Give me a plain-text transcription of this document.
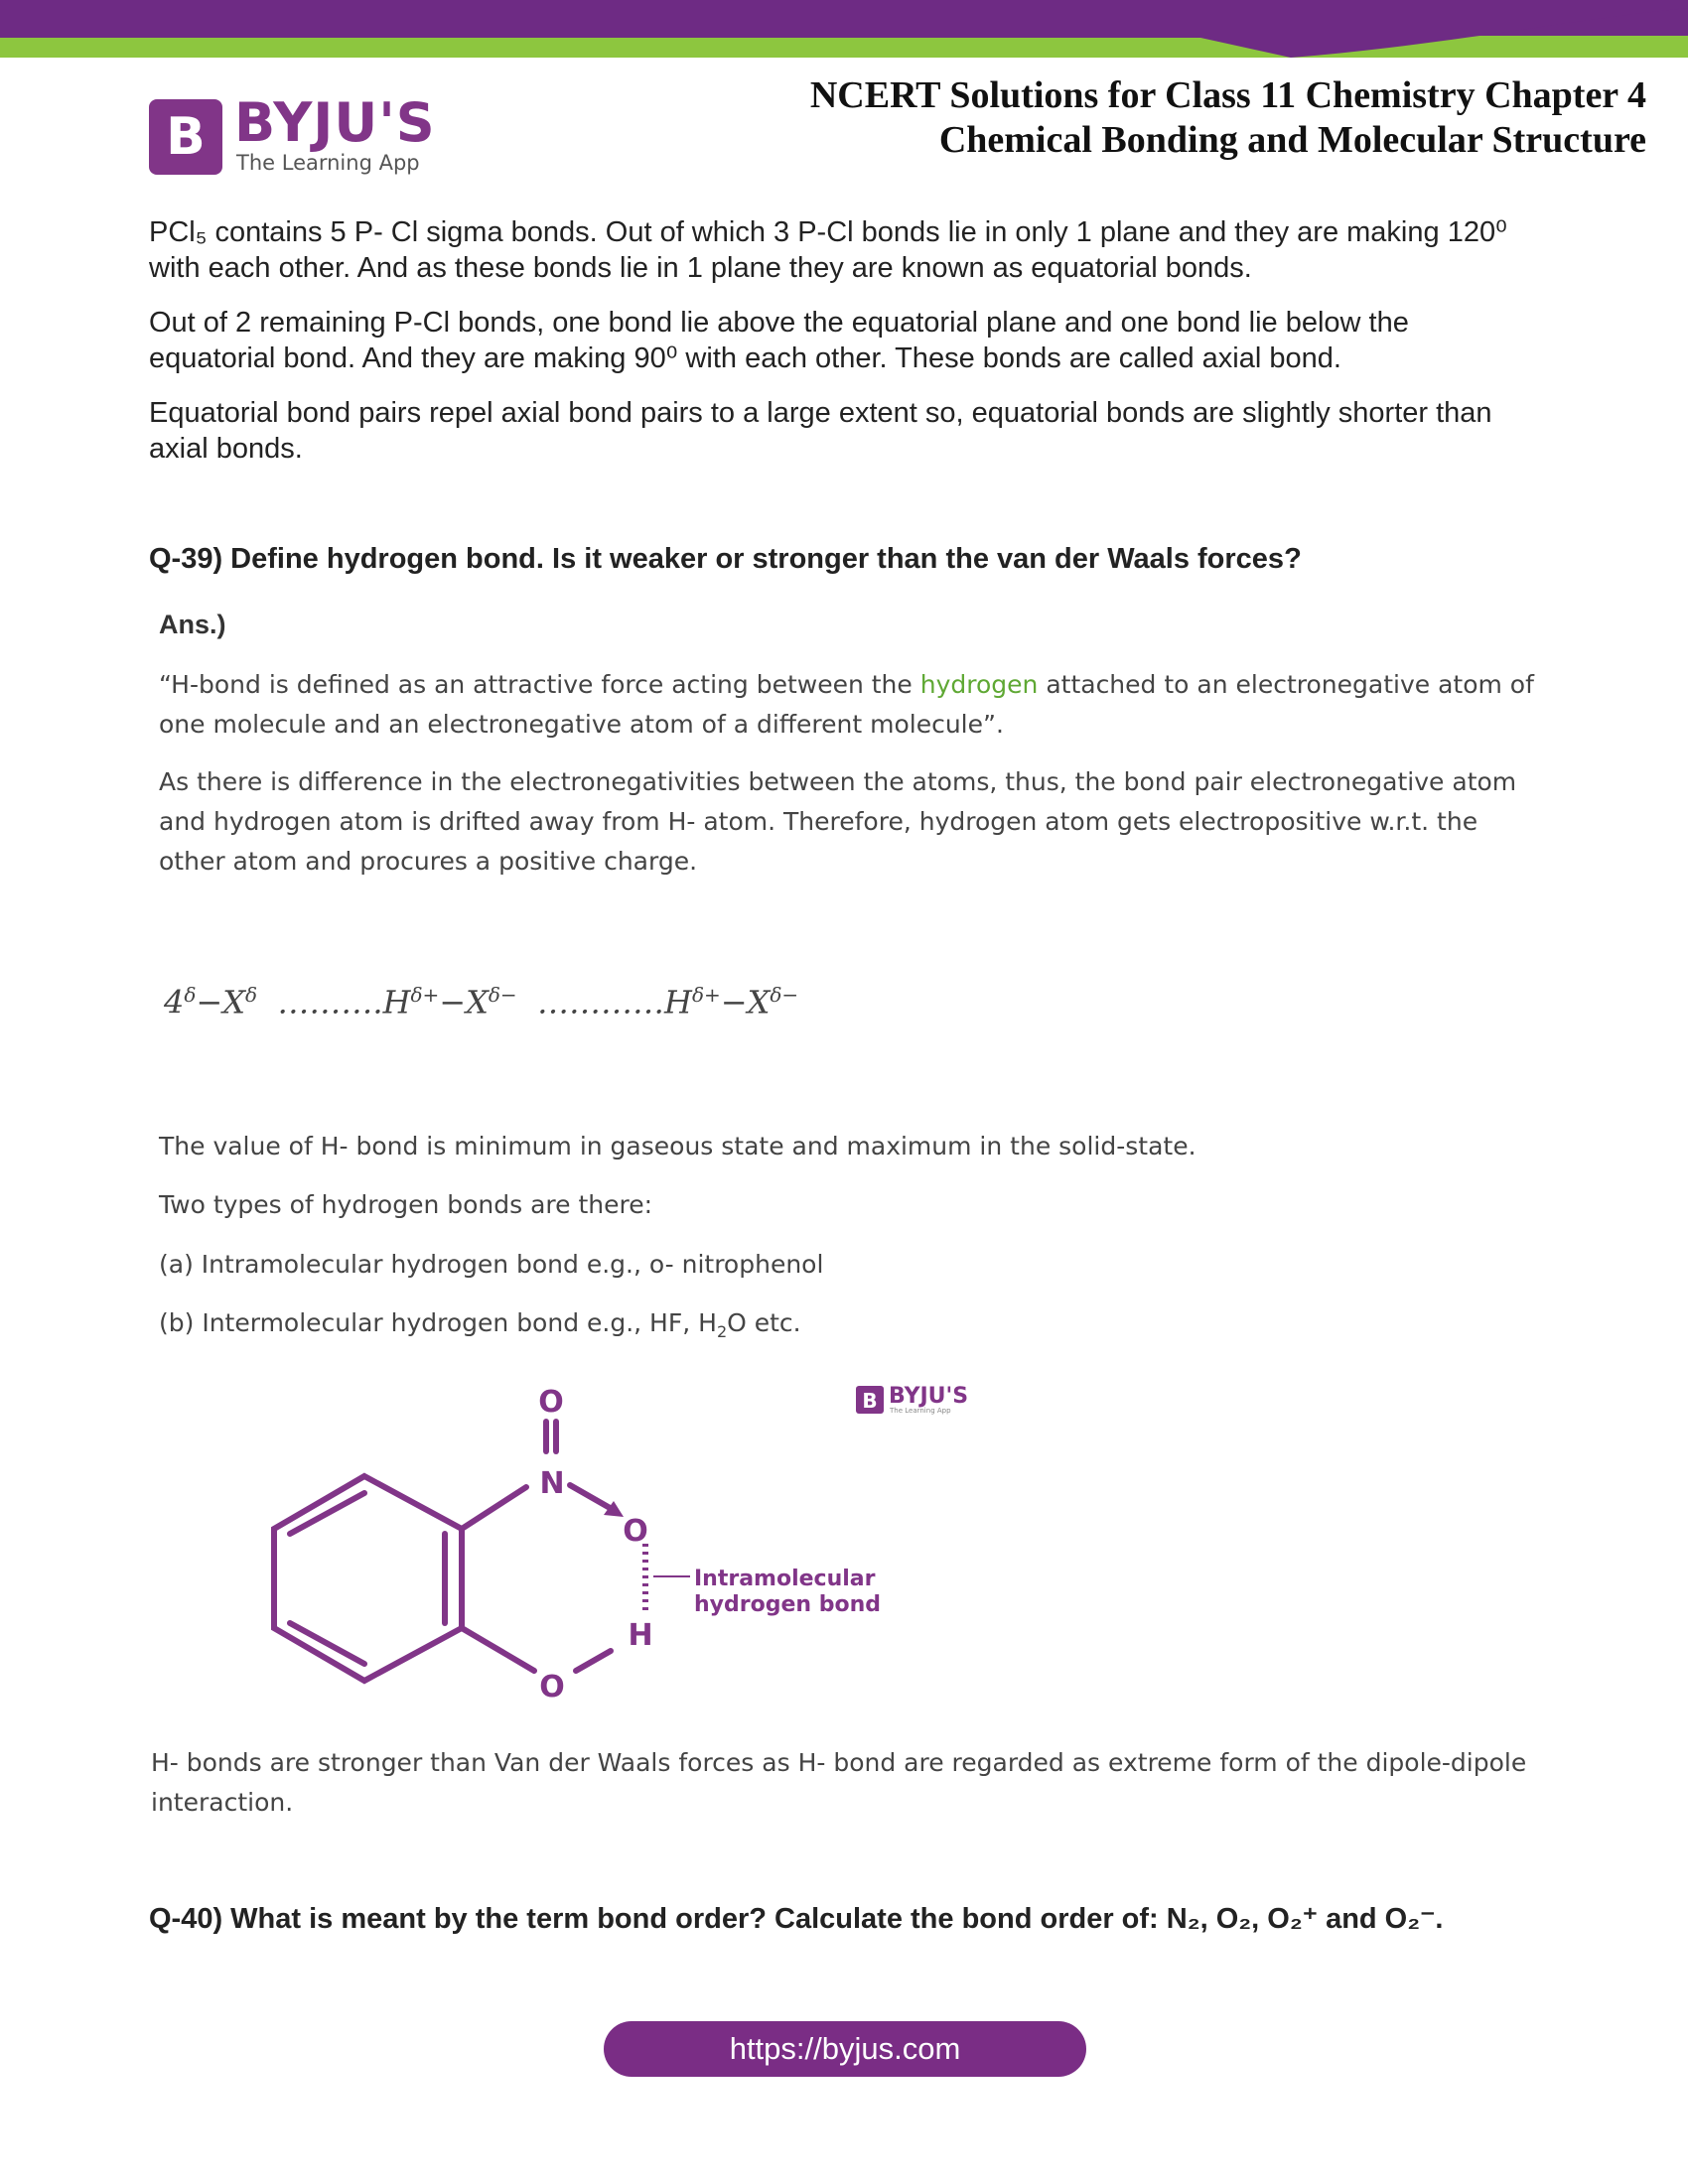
B BYJU'S
The Learning App
NCERT Solutions for Class 11 Chemistry Chapter 4
Chemical Bonding and Molecular Structure

PCl₅ contains 5 P- Cl sigma bonds. Out of which 3 P-Cl bonds lie in only 1 plane and they are making 120⁰ with each other. And as these bonds lie in 1 plane they are known as equatorial bonds.

Out of 2 remaining P-Cl bonds, one bond lie above the equatorial plane and one bond lie below the equatorial bond. And they are making 90⁰ with each other. These bonds are called axial bond.

Equatorial bond pairs repel axial bond pairs to a large extent so, equatorial bonds are slightly shorter than axial bonds.

Q-39) Define hydrogen bond. Is it weaker or stronger than the van der Waals forces?

Ans.)

“H-bond is defined as an attractive force acting between the hydrogen attached to an electronegative atom of one molecule and an electronegative atom of a different molecule”.

As there is difference in the electronegativities between the atoms, thus, the bond pair electronegative atom and hydrogen atom is drifted away from H- atom. Therefore, hydrogen atom gets electropositive w.r.t. the other atom and procures a positive charge.

$4^\delta-X^\delta$  $\dots\dots\dots.H^{\delta+}-X^{\delta-}$  $\dots\dots\dots\dots H^{\delta+}-X^{\delta-}$

The value of H- bond is minimum in gaseous state and maximum in the solid-state.

Two types of hydrogen bonds are there:

(a) Intramolecular hydrogen bond e.g., o- nitrophenol

(b) Intermolecular hydrogen bond e.g., HF, $H_2O$ etc.

O
N
O
H
O
Intramolecular
hydrogen bond
B BYJU'S
The Learning App

H- bonds are stronger than Van der Waals forces as H- bond are regarded as extreme form of the dipole-dipole interaction.

Q-40) What is meant by the term bond order? Calculate the bond order of: N₂, O₂, O₂⁺ and O₂⁻.

https://byjus.com
